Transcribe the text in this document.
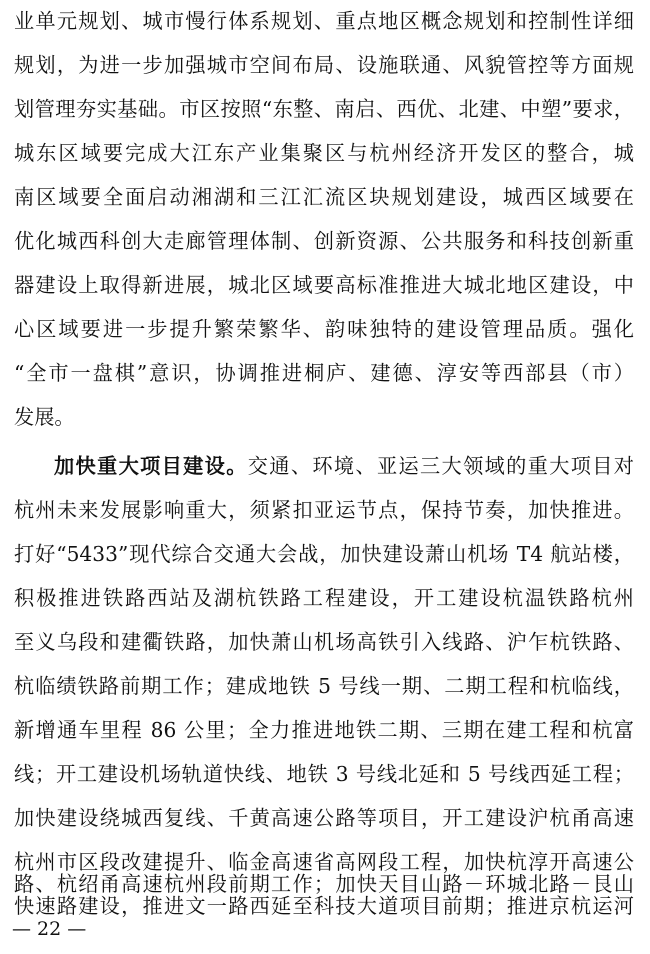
业单元规划、城市慢行体系规划、重点地区概念规划和控制性详细
规划，为进一步加强城市空间布局、设施联通、风貌管控等方面规
划管理夯实基础。市区按照“东整、南启、西优、北建、中塑”要求，
城东区域要完成大江东产业集聚区与杭州经济开发区的整合，城
南区域要全面启动湘湖和三江汇流区块规划建设，城西区域要在
优化城西科创大走廊管理体制、创新资源、公共服务和科技创新重
器建设上取得新进展，城北区域要高标准推进大城北地区建设，中
心区域要进一步提升繁荣繁华、韵味独特的建设管理品质。强化
“全市一盘棋”意识，协调推进桐庐、建德、淳安等西部县（市）
发展。
加快重大项目建设。交通、环境、亚运三大领域的重大项目对
杭州未来发展影响重大，须紧扣亚运节点，保持节奏，加快推进。
打好“5433”现代综合交通大会战，加快建设萧山机场 T4 航站楼，
积极推进铁路西站及湖杭铁路工程建设，开工建设杭温铁路杭州
至义乌段和建衢铁路，加快萧山机场高铁引入线路、沪乍杭铁路、
杭临绩铁路前期工作；建成地铁 5 号线一期、二期工程和杭临线，
新增通车里程 86 公里；全力推进地铁二期、三期在建工程和杭富
线；开工建设机场轨道快线、地铁 3 号线北延和 5 号线西延工程；
加快建设绕城西复线、千黄高速公路等项目，开工建设沪杭甬高速
杭州市区段改建提升、临金高速省高网段工程，加快杭淳开高速公
路、杭绍甬高速杭州段前期工作；加快天目山路－环城北路－艮山
— 22 —
快速路建设，推进文一路西延至科技大道项目前期；推进京杭运河
